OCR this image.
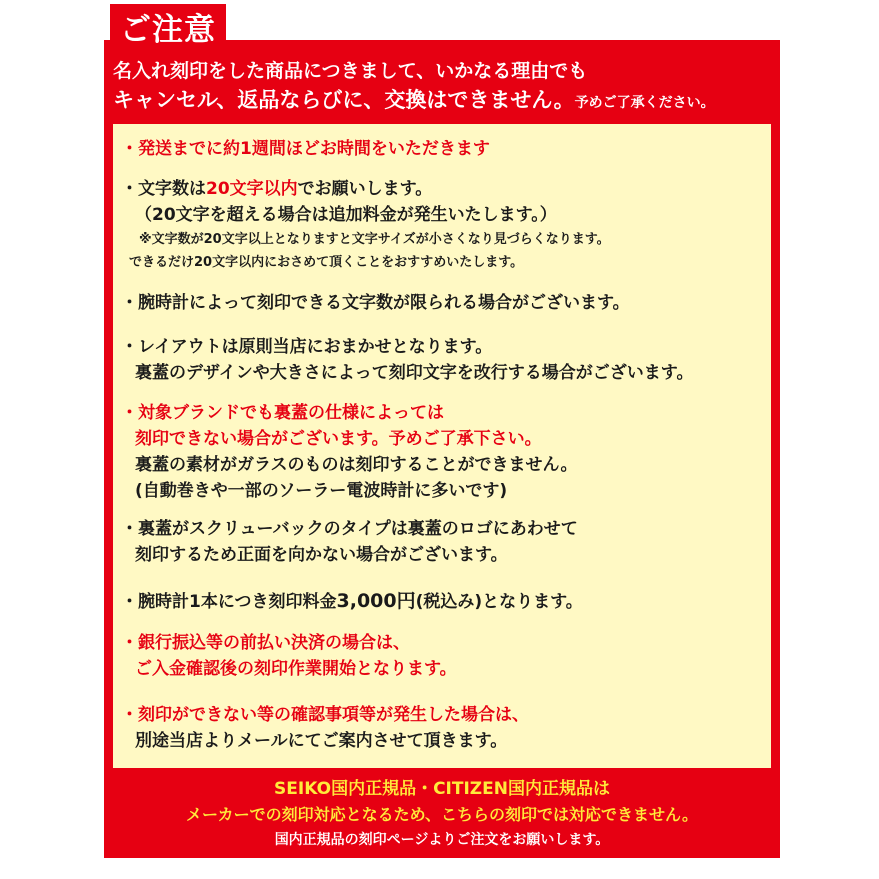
ご注意
名入れ刻印をした商品につきまして、いかなる理由でも
キャンセル、返品ならびに、交換はできません。予めご了承ください。
・発送までに約1週間ほどお時間をいただきます
・文字数は20文字以内でお願いします。
（20文字を超える場合は追加料金が発生いたします。）
※文字数が20文字以上となりますと文字サイズが小さくなり見づらくなります。
できるだけ20文字以内におさめて頂くことをおすすめいたします。
・腕時計によって刻印できる文字数が限られる場合がございます。
・レイアウトは原則当店におまかせとなります。
裏蓋のデザインや大きさによって刻印文字を改行する場合がございます。
・対象ブランドでも裏蓋の仕様によっては
刻印できない場合がございます。予めご了承下さい。
裏蓋の素材がガラスのものは刻印することができません。
(自動巻きや一部のソーラー電波時計に多いです)
・裏蓋がスクリューバックのタイプは裏蓋のロゴにあわせて
刻印するため正面を向かない場合がございます。
・腕時計1本につき刻印料金3,000円(税込み)となります。
・銀行振込等の前払い決済の場合は、
ご入金確認後の刻印作業開始となります。
・刻印ができない等の確認事項等が発生した場合は、
別途当店よりメールにてご案内させて頂きます。
SEIKO国内正規品・CITIZEN国内正規品は
メーカーでの刻印対応となるため、こちらの刻印では対応できません。
国内正規品の刻印ページよりご注文をお願いします。
